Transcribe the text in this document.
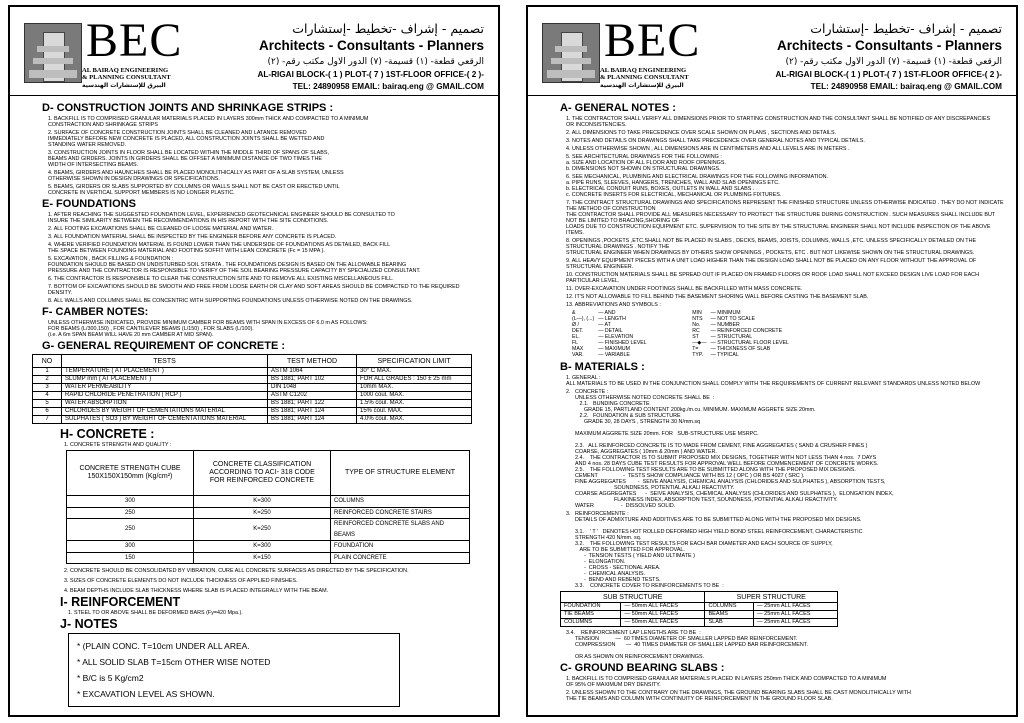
BEC
AL BAIRAQ ENGINEERING
& PLANNING CONSULTANT
البيرق للإستشارات الهندسية
تصميم - إشراف -تخطيط -إستشارات
Architects - Consultants - Planners
الرقعي قطعة- (١) قسيمة- (٧) الدور الاول مكتب رقم- (٢)
AL-RIGAI BLOCK-( 1 ) PLOT-( 7 ) 1ST-FLOOR OFFICE-( 2 )-
TEL: 24890958 EMAIL: bairaq.eng @ GMAIL.COM
D- CONSTRUCTION JOINTS AND SHRINKAGE STRIPS :
1. BACKFILL IS TO COMPRISED GRANULAR MATERIALS PLACED IN LAYERS 300mm THICK AND COMPACTED TO A MINIMUM
CONSTRACTION AND SHRINKAGE STRIPS
2. SURFACE OF CONCRETE CONSTRUCTION JOINTS SHALL BE CLEANED AND LATANCE REMOVED
IMMEDIATELY BEFORE NEW CONCRETE IS PLACED, ALL CONSTRUCTION JOINTS SHALL BE WETTED AND
STANDING WATER REMOVED.
3. CONSTRUCTION JOINTS IN FLOOR SHALL BE LOCATED WITHIN THE MIDDLE THIRD OF SPANS OF SLABS,
BEAMS AND GIRDERS. JOINTS IN GIRDERS SHALL BE OFFSET A MINIMUM DISTANCE OF TWO TIMES THE
WIDTH OF INTERSECTING BEAMS.
4. BEAMS, GIRDERS AND HAUNCHES SHALL BE PLACED MONOLITHICALLY AS PART OF A SLAB SYSTEM, UNLESS
OTHERWISE SHOWN IN DESIGN DRAWINGS OR SPECIFICATIONS.
5. BEAMS, GIRDERS OR SLABS SUPPORTED BY COLUMNS OR WALLS SHALL NOT BE CAST OR ERECTED UNTIL
CONCRETE IN VERTICAL SUPPORT MEMBERS IS NO LONGER PLASTIC.
E- FOUNDATIONS
1. AFTER REACHING THE SUGGESTED FOUNDATION LEVEL, EXPERIENCED GEOTECHNICAL ENGINEER SHOULD BE CONSULTED TO
INSURE THE SIMILARITY BETWEEN THE RECOMMENDATIONS IN HIS REPORT WITH THE SITE CONDITIONS.
2. ALL FOOTING EXCAVATIONS SHALL BE CLEANED OF LOOSE MATERIAL AND WATER.
3. ALL FOUNDATION MATERIAL SHALL BE INSPECTED BY THE ENGINEER BEFORE ANY CONCRETE IS PLACED.
4. WHERE VERIFIED FOUNDATION MATERIAL IS FOUND LOWER THAN THE UNDERSIDE OF FOUNDATIONS AS DETAILED, BACK FILL
THE SPACE BETWEEN FOUNDING MATERIAL AND FOOTING SOFFIT WITH LEAN CONCRETE (Fc = 15 MPA ).
5. EXCAVATION , BACK FILLING & FOUNDATION :
FOUNDATION SHOULD BE BASED ON UNDISTURBED SOIL STRATA . THE FOUNDATIONS DESIGN IS BASED ON THE ALLOWABLE BEARING
PRESSURE AND THE CONTRACTOR IS RESPONSIBLE TO VERIFY OF THE SOIL BEARING PRESSURE CAPACITY BY SPECIALIZED CONSULTANT.
6. THE CONTRACTOR IS RESPONSIBLE TO CLEAR THE CONSTRUCTION SITE AND TO REMOVE ALL EXISTING MISCELLANEOUS FILL.
7. BOTTOM OF EXCAVATIONS SHOULD BE SMOOTH AND FREE FROM LOOSE EARTH OR CLAY AND SOFT AREAS SHOULD BE COMPACTED TO THE REQUIRED
DENSITY.
8. ALL WALLS AND COLUMNS SHALL BE CONCENTRIC WITH SUPPORTING FOUNDATIONS UNLESS OTHERWISE NOTED ON THE DRAWINGS.
F- CAMBER NOTES:
UNLESS OTHERWISE INDICATED, PROVIDE MINIMUM CAMBER FOR BEAMS WITH SPAN IN EXCESS OF 6.0 m AS FOLLOWS:
FOR BEAMS (L/300,150) , FOR CANTILEVER BEAMS (L/150) , FOR SLABS (L/100).
(i.e. A 6m SPAN BEAM WILL HAVE 20 mm CAMBER AT MID SPAN).
G- GENERAL REQUIREMENT OF CONCRETE :
NO	TESTS	TEST METHOD	SPECIFICATION LIMIT
1	TEMPERATURE ( AT PLACEMENT )	ASTM 1064	30° C MAX.
2	SLUMP mm ( AT PLACEMENT )	BS 1881; PART 102	FOR ALL GRADES : 150 ± 25 mm
3	WATER PERMEABILITY	DIN 1048	10mm MAX.
4	RAPID CHLORIDE PENETRATION ( RCP )	ASTM C1202	1000 coul. MAX.
5	WATER ABSORPTION	BS 1881; PART 122	1.5% coul. MAX.
6	CHLORIDES BY WEIGHT OF CEMENTATIONS MATERIAL	BS 1881; PART 124	15% coul. MAX.
7	SULPHATES ( SO3 ) BY WEIGHT OF CEMENTATIONS MATERIAL	BS 1881; PART 124	4.0% coul. MAX.
H- CONCRETE :
1. CONCRETE STRENGTH AND QUALITY :
CONCRETE STRENGTH CUBE
150X150X150mm (Kg/cm²)	CONCRETE CLASSIFICATION
ACCORDING TO ACI- 318 CODE
FOR REINFORCED CONCRETE	TYPE OF STRUCTURE ELEMENT
300	K=300	COLUMNS
250	K=250	REINFORCED CONCRETE STAIRS
250	K=250	REINFORCED CONCRETE SLABS AND BEAMS
300	K=300	FOUNDATION
150	K=150	PLAIN CONCRETE
2. CONCRETE SHOULD BE CONSOLIDATED BY VIBRATION. CURE ALL CONCRETE SURFACES AS DIRECTED BY THE SPECIFICATION.
3. SIZES OF CONCRETE ELEMENTS DO NOT INCLUDE THICKNESS OF APPLIED FINISHES.
4. BEAM DEPTHS INCLUDE SLAB THICKNESS WHERE SLAB IS PLACED INTEGRALLY WITH THE BEAM.
I- REINFORCEMENT
1. STEEL TO OR ABOVE SHALL BE DEFORMED BARS (Fy=420 Mpa.).
J- NOTES
* (PLAIN CONC. T=10cm UNDER ALL AREA.
* ALL SOLID SLAB T=15cm OTHER WISE NOTED
* B/C is 5 Kg/cm2
* EXCAVATION LEVEL AS SHOWN.
BEC
AL BAIRAQ ENGINEERING
& PLANNING CONSULTANT
البيرق للإستشارات الهندسية
تصميم - إشراف -تخطيط -إستشارات
Architects - Consultants - Planners
الرقعي قطعة- (١) قسيمة- (٧) الدور الاول مكتب رقم- (٢)
AL-RIGAI BLOCK-( 1 ) PLOT-( 7 ) 1ST-FLOOR OFFICE-( 2 )-
TEL: 24890958 EMAIL: bairaq.eng @ GMAIL.COM
A- GENERAL NOTES :
1. THE CONTRACTOR SHALL VERIFY ALL DIMENSIONS PRIOR TO STARTING CONSTRUCTION AND THE CONSULTANT SHALL BE NOTIFIED OF ANY DISCREPANCIES
OR INCONSISTENCIES.
2. ALL DIMENSIONS TO TAKE PRECEDENCE OVER SCALE SHOWN ON PLANS , SECTIONS AND DETAILS.
3. NOTES AND DETAILS ON DRAWINGS SHALL TAKE PRECEDENCE OVER GENERAL NOTES AND TYPICAL DETAILS.
4. UNLESS OTHERWISE SHOWN , ALL DIMENSIONS ARE IN CENTIMETERS AND ALL LEVELS ARE IN METERS .
5. SEE ARCHITECTURAL DRAWINGS FOR THE FOLLOWING :
a. SIZE AND LOCATION OF ALL FLOOR AND ROOF OPENINGS.
b. DIMENSIONS NOT SHOWN ON STRUCTURAL DRAWINGS.
6. SEE MECHANICAL, PLUMBING AND ELECTRICAL DRAWINGS FOR THE FOLLOWING INFORMATION.
a. PIPE RUNS, SLEEVES, HANGERS, TRENCHES, WALL AND SLAB OPENINGS ETC.
b. ELECTRICAL CONDUIT RUNS, BOXES, OUTLETS IN WALL AND SLABS .
c. CONCRETE INSERTS FOR ELECTRICAL, MECHANICAL OR PLUMBING FIXTURES.
7. THE CONTRACT STRUCTURAL DRAWINGS AND SPECIFICATIONS REPRESENT THE FINISHED STRUCTURE UNLESS OTHERWISE INDICATED . THEY DO NOT INDICATE THE METHOD OF CONSTRUCTION
THE CONTRACTOR SHALL PROVIDE ALL MEASURES NECESSARY TO PROTECT THE STRUCTURE DURING CONSTRUCTION . SUCH MEASURES SHALL INCLUDE BUT NOT BE LIMITED TO BRACING,SHORING OF
LOADS DUE TO CONSTRUCTION EQUIPMENT ETC. SUPERVISION TO THE SITE BY THE STRUCTURAL ENGINEER SHALL NOT INCLUDE INSPECTION OF THE ABOVE ITEMS.
8. OPENINGS ,POCKETS ,ETC.SHALL NOT BE PLACED IN SLABS , DECKS, BEAMS, JOISTS, COLUMNS, WALLS ,ETC. UNLESS SPECIFICALLY DETAILED ON THE STRUCTURAL DRAWINGS . NOTIFY THE
STRUCTURAL ENGINEER WHEN DRAWINGS BY OTHERS SHOW OPENINGS , POCKETS, ETC . BUT NOT LIKEWISE SHOWN ON THE STRUCTURAL DRAWINGS.
9. ALL HEAVY EQUIPMENT PIECES WITH A UNIT LOAD HIGHER THAN THE DESIGN LOAD SHALL NOT BE PLACED ON ANY FLOOR WITHOUT THE APPROVAL OF STRUCTURAL ENGINEER.
10. CONSTRUCTION MATERIALS SHALL BE SPREAD OUT IF PLACED ON FRAMED FLOORS OR ROOF LOAD SHALL NOT EXCEED DESIGN LIVE LOAD FOR EACH PARTICULAR LEVEL.
11. OVER-EXCAVATION UNDER FOOTINGS SHALL BE BACKFILLED WITH MASS CONCRETE.
12. IT'S NOT ALLOWABLE TO FILL BEHIND THE BASEMENT SHORING WALL BEFORE CASTING THE BASEMENT SLAB.
13. ABBREVIATIONS AND SYMBOLS :
&	— AND	MIN	— MINIMUM
(L—), (...)	— LENGTH	NTS	— NOT TO SCALE
Ø /	— AT	No.	— NUMBER
DET.	— DETAIL	RC	— REINFORCED CONCRETE
EL.	— ELEVATION	ST	— STRUCTURAL
FL	— FINISHED LEVEL	—◆—	— STRUCTURAL FLOOR LEVEL
MAX	— MAXIMUM	T=	— THICKNESS OF SLAB
VAR.	— VARIABLE	TYP.	— TYPICAL
B- MATERIALS :
1. GENERAL :
ALL MATERIALS TO BE USED IN THE CONJUNCTION SHALL COMPLY WITH THE REQUIREMENTS OF CURRENT RELEVANT STANDARDS UNLESS NOTED BELOW
2.   CONCRETE :
UNLESS OTHERWISE NOTED CONCRETE SHALL BE  :
2.1.   BUNDING CONCRETE
GRADE 15, PARTLAND CONTENT 200kg./m.cu. MINIMUM. MAXIMUM AGGRETE SIZE 20mm.
2.2.   FOUNDATION & SUB STRUCTURE
GRADE 30, 28 DAYS , STRENGTH 30 N/mm.sq

MAXIMUM AGGRETE SIZE 20mm. FOR   SUB-STRUCTURE USE MSRPC.

2.3.   ALL REINFORCED CONCRETE IS TO MADE FROM CEMENT, FINE AGGREGATES ( SAND & CRUSHER FINES )
COARSE, AGGREGATES ( 10mm & 20mm ) AND WATER.
2.4.    THE CONTRACTOR IS TO SUBMIT PROPOSED MIX DESIGNS, TOGETHER WITH NOT LESS THAN 4 nos.  7 DAYS
AND 4 nos. 28 DAYS CUBE TEST RESULTS FOR APPROVAL WELL BEFORE COMMENCEMENT OF CONCRETE WORKS.
2.5.    THE FOLLOWING TEST RESULTS ARE TO BE SUBMITTED ALONG WITH THE PROPOSED MIX DESIGNS.
CEMENT                 -  TESTS SHOW COMPLIANCE WITH BS 12 ( OPC ) OR BS 4027 ( SRC ).
FINE AGGREGATES        -  SEIVE ANALYSIS, CHEMICAL ANALYSIS (CHLORIDES AND SULPHATES ), ABSORPTION TESTS,
SOUNDNESS, POTENTIAL ALKALI REACTIVITY.
COARSE AGGREGATES      -  SEIVE ANALYSIS, CHEMICAL ANALYSIS (CHLORIDES AND SULPHATES ),  ELONGATION INDEX,
FLAKINESS INDEX, ABSORPTION TEST, SOUNDNESS, POTENTIAL ALKALI REACTIVITY.
WATER                  -  DISSOLVED SOLID.
3.   REINFORCEMENTE :
DETAILS OF ADMIXTURE AND ADDITIVES ARE TO BE SUBMITTED ALONG WITH THE PROPOSED MIX DESIGNS.

3.1.    ' T '   DENOTES HOT ROLLED DEFORMED HIGH YIELD BOND STEEL REINFORCEMENT, CHARACTERISTIC
STRENGTH 420 N/mm. sq.
3.2.    THE FOLLOWING TEST RESULTS FOR EACH BAR DIAMETER AND EACH SOURCE OF SUPPLY,
ARE TO BE SUBMITTED FOR APPROVAL.
-  TENSION TESTS ( YIELD AND ULTIMATE )
-  ELONGATION.
-  CROSS - SECTIONAL AREA.
-  CHEMICAL ANALYSIS.
-  BEND AND REBEND TESTS.
3.3.    CONCRETE COVER TO REINFORCEMENTS TO BE  :
SUB STRUCTURE		SUPER STRUCTURE	
FOUNDATION	— 50mm ALL FACES	COLUMNS	— 25mm ALL FACES
TIE BEAMS	— 50mm ALL FACES	BEAMS	— 25mm ALL FACES
COLUMNS	— 50mm ALL FACES	SLAB	— 25mm ALL FACES
3.4.    REINFORCEMENT LAP LENGTHS ARE TO BE  :
TENSION           —  60 TIMES DIAMETER OF SMALLER LAPPED BAR REINFORCEMENT.
COMPRESSION       —  40 TIMES DIAMETER OF SMALLER LAPPED BAR REINFORCEMENT.

OR AS SHOWN ON REINFORCEMENT DRAWINGS.
C- GROUND BEARING SLABS :
1. BACKFILL IS TO COMPRISED GRANULAR MATERIALS PLACED IN LAYERS 250mm THICK AND COMPACTED TO A MINIMUM
OF 95% OF MAXIMUM DRY DENSITY.
2. UNLESS SHOWN TO THE CONTRARY ON THE DRAWINGS, THE GROUND BEARING SLABS SHALL BE CAST MONOLITHICALLY WITH
THE TIE BEAMS AND COLUMN WITH CONTINUITY OF REINFORCEMENT IN THE GROUND FLOOR SLAB.
